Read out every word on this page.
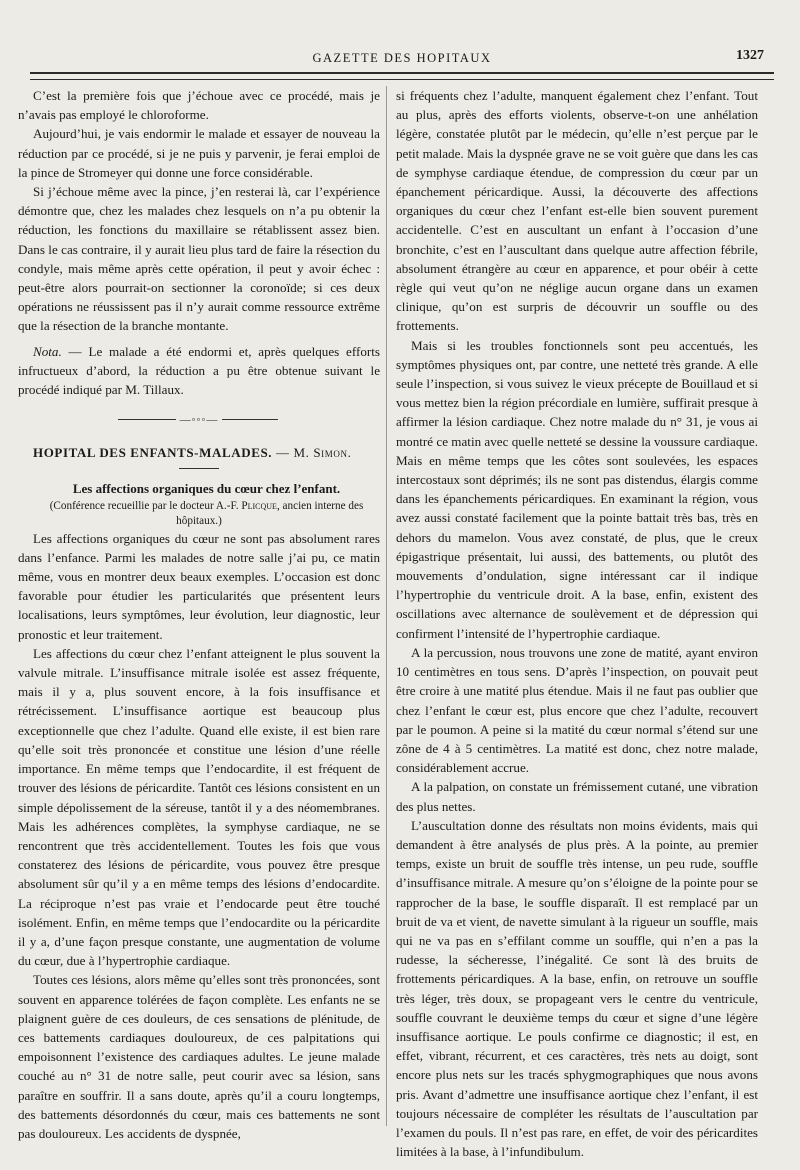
GAZETTE DES HOPITAUX	1327

C’est la première fois que j’échoue avec ce procédé, mais je n’avais pas employé le chloroforme.

Aujourd’hui, je vais endormir le malade et essayer de nouveau la réduction par ce procédé, si je ne puis y parvenir, je ferai emploi de la pince de Stromeyer qui donne une force considérable.

Si j’échoue même avec la pince, j’en resterai là, car l’expérience démontre que, chez les malades chez lesquels on n’a pu obtenir la réduction, les fonctions du maxillaire se rétablissent assez bien. Dans le cas contraire, il y aurait lieu plus tard de faire la résection du condyle, mais même après cette opération, il peut y avoir échec : peut-être alors pourrait-on sectionner la coronoïde; si ces deux opérations ne réussissent pas il n’y aurait comme ressource extrême que la résection de la branche montante.

Nota. — Le malade a été endormi et, après quelques efforts infructueux d’abord, la réduction a pu être obtenue suivant le procédé indiqué par M. Tillaux.

—◦◦◦—

HOPITAL DES ENFANTS-MALADES. — M. Simon.

Les affections organiques du cœur chez l’enfant.

(Conférence recueillie par le docteur A.-F. Plicque, ancien interne des hôpitaux.)

Les affections organiques du cœur ne sont pas absolument rares dans l’enfance. Parmi les malades de notre salle j’ai pu, ce matin même, vous en montrer deux beaux exemples. L’occasion est donc favorable pour étudier les particularités que présentent leurs localisations, leurs symptômes, leur évolution, leur diagnostic, leur pronostic et leur traitement.

Les affections du cœur chez l’enfant atteignent le plus souvent la valvule mitrale. L’insuffisance mitrale isolée est assez fréquente, mais il y a, plus souvent encore, à la fois insuffisance et rétrécissement. L’insuffisance aortique est beaucoup plus exceptionnelle que chez l’adulte. Quand elle existe, il est bien rare qu’elle soit très prononcée et constitue une lésion d’une réelle importance. En même temps que l’endocardite, il est fréquent de trouver des lésions de péricardite. Tantôt ces lésions consistent en un simple dépolissement de la séreuse, tantôt il y a des néomembranes. Mais les adhérences complètes, la symphyse cardiaque, ne se rencontrent que très accidentellement. Toutes les fois que vous constaterez des lésions de péricardite, vous pouvez être presque absolument sûr qu’il y a en même temps des lésions d’endocardite. La réciproque n’est pas vraie et l’endocarde peut être touché isolément. Enfin, en même temps que l’endocardite ou la péricardite il y a, d’une façon presque constante, une augmentation de volume du cœur, due à l’hypertrophie cardiaque.

Toutes ces lésions, alors même qu’elles sont très prononcées, sont souvent en apparence tolérées de façon complète. Les enfants ne se plaignent guère de ces douleurs, de ces sensations de plénitude, de ces battements cardiaques douloureux, de ces palpitations qui empoisonnent l’existence des cardiaques adultes. Le jeune malade couché au n° 31 de notre salle, peut courir avec sa lésion, sans paraître en souffrir. Il a sans doute, après qu’il a couru longtemps, des battements désordonnés du cœur, mais ces battements ne sont pas douloureux. Les accidents de dyspnée,

si fréquents chez l’adulte, manquent également chez l’enfant. Tout au plus, après des efforts violents, observe-t-on une anhélation légère, constatée plutôt par le médecin, qu’elle n’est perçue par le petit malade. Mais la dyspnée grave ne se voit guère que dans les cas de symphyse cardiaque étendue, de compression du cœur par un épanchement péricardique. Aussi, la découverte des affections organiques du cœur chez l’enfant est-elle bien souvent purement accidentelle. C’est en auscultant un enfant à l’occasion d’une bronchite, c’est en l’auscultant dans quelque autre affection fébrile, absolument étrangère au cœur en apparence, et pour obéir à cette règle qui veut qu’on ne néglige aucun organe dans un examen clinique, qu’on est surpris de découvrir un souffle ou des frottements.

Mais si les troubles fonctionnels sont peu accentués, les symptômes physiques ont, par contre, une netteté très grande. A elle seule l’inspection, si vous suivez le vieux précepte de Bouillaud et si vous mettez bien la région précordiale en lumière, suffirait presque à affirmer la lésion cardiaque. Chez notre malade du n° 31, je vous ai montré ce matin avec quelle netteté se dessine la voussure cardiaque. Mais en même temps que les côtes sont soulevées, les espaces intercostaux sont déprimés; ils ne sont pas distendus, élargis comme dans les épanchements péricardiques. En examinant la région, vous avez aussi constaté facilement que la pointe battait très bas, très en dehors du mamelon. Vous avez constaté, de plus, que le creux épigastrique présentait, lui aussi, des battements, ou plutôt des mouvements d’ondulation, signe intéressant car il indique l’hypertrophie du ventricule droit. A la base, enfin, existent des oscillations avec alternance de soulèvement et de dépression qui confirment l’intensité de l’hypertrophie cardiaque.

A la percussion, nous trouvons une zone de matité, ayant environ 10 centimètres en tous sens. D’après l’inspection, on pouvait peut être croire à une matité plus étendue. Mais il ne faut pas oublier que chez l’enfant le cœur est, plus encore que chez l’adulte, recouvert par le poumon. A peine si la matité du cœur normal s’étend sur une zône de 4 à 5 centimètres. La matité est donc, chez notre malade, considérablement accrue.

A la palpation, on constate un frémissement cutané, une vibration des plus nettes.

L’auscultation donne des résultats non moins évidents, mais qui demandent à être analysés de plus près. A la pointe, au premier temps, existe un bruit de souffle très intense, un peu rude, souffle d’insuffisance mitrale. A mesure qu’on s’éloigne de la pointe pour se rapprocher de la base, le souffle disparaît. Il est remplacé par un bruit de va et vient, de navette simulant à la rigueur un souffle, mais qui ne va pas en s’effilant comme un souffle, qui n’en a pas la rudesse, la sécheresse, l’inégalité. Ce sont là des bruits de frottements péricardiques. A la base, enfin, on retrouve un souffle très léger, très doux, se propageant vers le centre du ventricule, souffle couvrant le deuxième temps du cœur et signe d’une légère insuffisance aortique. Le pouls confirme ce diagnostic; il est, en effet, vibrant, récurrent, et ces caractères, très nets au doigt, sont encore plus nets sur les tracés sphygmographiques que nous avons pris. Avant d’admettre une insuffisance aortique chez l’enfant, il est toujours nécessaire de compléter les résultats de l’auscultation par l’examen du pouls. Il n’est pas rare, en effet, de voir des péricardites limitées à la base, à l’infundibulum.
